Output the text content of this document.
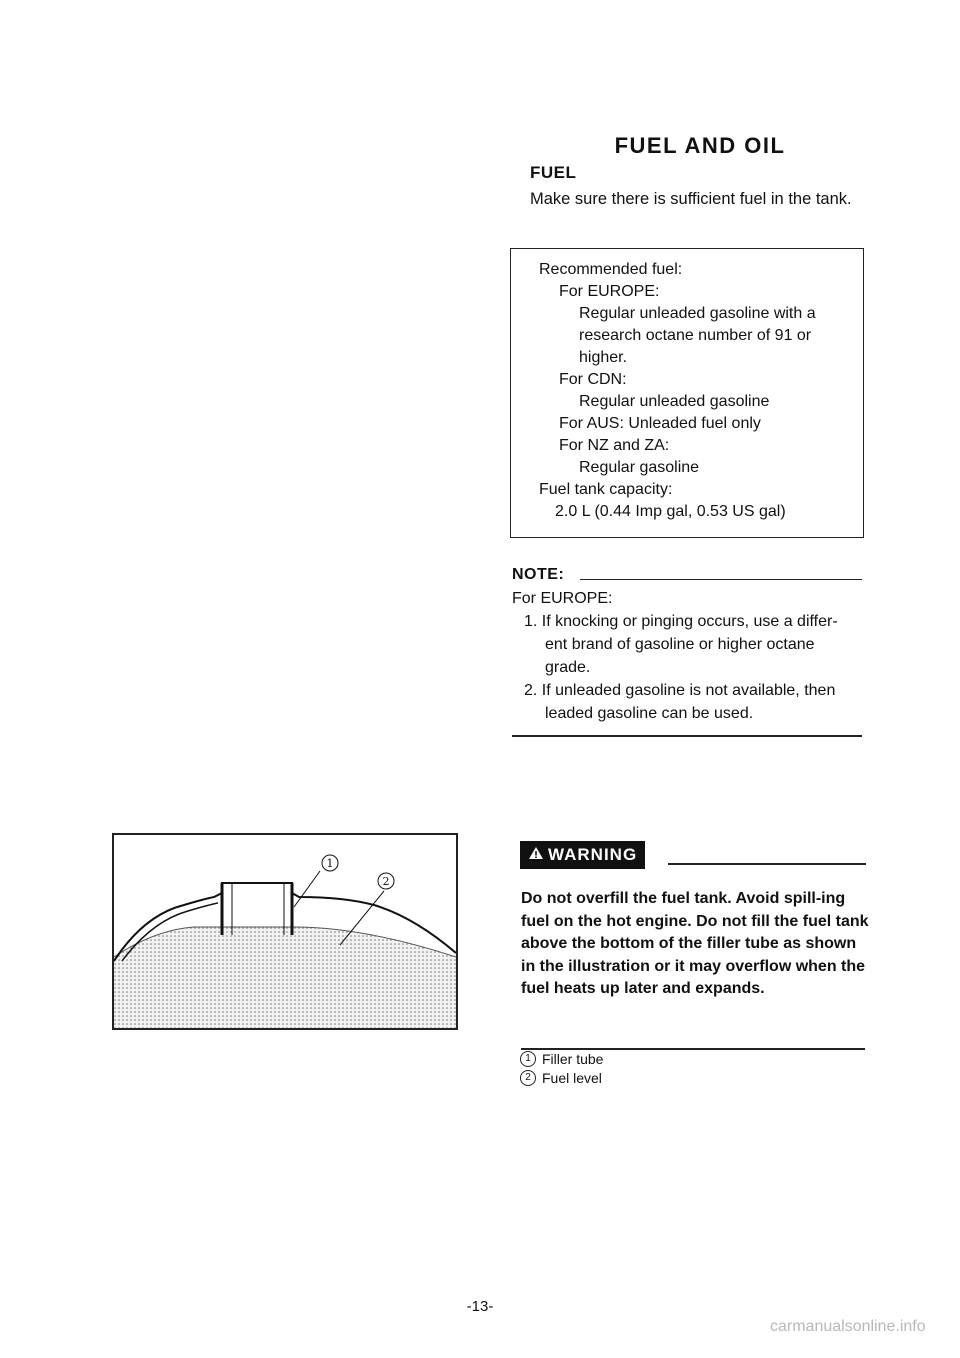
FUEL AND OIL
FUEL
Make sure there is sufficient fuel in the tank.
Recommended fuel:
For EUROPE:
Regular unleaded gasoline with a
research octane number of 91 or
higher.
For CDN:
Regular unleaded gasoline
For AUS: Unleaded fuel only
For NZ and ZA:
Regular gasoline
Fuel tank capacity:
2.0 L (0.44 Imp gal, 0.53 US gal)
NOTE:
For EUROPE:
1. If knocking or pinging occurs, use a differ-
ent brand of gasoline or higher octane
grade.
2. If unleaded gasoline is not available, then
leaded gasoline can be used.
1
2
WARNING
Do not overfill the fuel tank. Avoid spill-ing fuel on the hot engine. Do not fill the fuel tank above the bottom of the filler tube as shown in the illustration or it may overflow when the fuel heats up later and expands.
1 Filler tube
2 Fuel level
-13-
carmanualsonline.info
